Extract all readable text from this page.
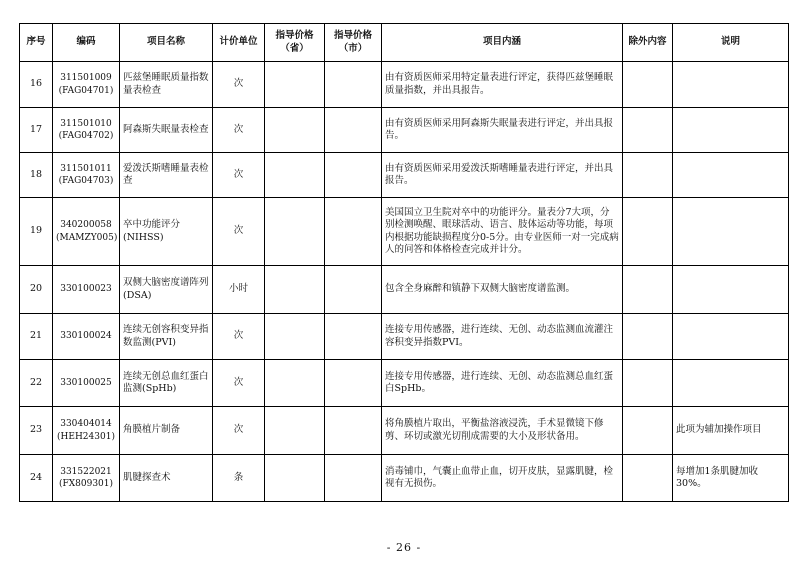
序号	编码	项目名称	计价单位	指导价格（省）	指导价格（市）	项目内涵	除外内容	说明
16	311501009 (FAG04701)	匹兹堡睡眠质量指数量表检查	次			由有资质医师采用特定量表进行评定，获得匹兹堡睡眠质量指数，并出具报告。		
17	311501010 (FAG04702)	阿森斯失眠量表检查	次			由有资质医师采用阿森斯失眠量表进行评定，并出具报告。		
18	311501011 (FAG04703)	爱泼沃斯嗜睡量表检查	次			由有资质医师采用爱泼沃斯嗜睡量表进行评定，并出具报告。		
19	340200058 (MAMZY005)	卒中功能评分(NIHSS)	次			美国国立卫生院对卒中的功能评分。量表分7大项，分别检测唤醒、眼球活动、语言、肢体运动等功能，每项内根据功能缺损程度分0-5分。由专业医师一对一完成病人的问答和体格检查完成并计分。		
20	330100023	双侧大脑密度谱阵列(DSA)	小时			包含全身麻醉和镇静下双侧大脑密度谱监测。		
21	330100024	连续无创容积变异指数监测(PVI)	次			连接专用传感器，进行连续、无创、动态监测血流灌注容积变异指数PVI。		
22	330100025	连续无创总血红蛋白监测(SpHb)	次			连接专用传感器，进行连续、无创、动态监测总血红蛋白SpHb。		
23	330404014 (HEH24301)	角膜植片制备	次			将角膜植片取出，平衡盐溶液浸洗，手术显微镜下修剪、环切或激光切削成需要的大小及形状备用。		此项为辅加操作项目
24	331522021 (FX809301)	肌腱探查术	条			消毒铺巾，气囊止血带止血，切开皮肤，显露肌腱，检视有无损伤。		每增加1条肌腱加收30%。
- 26 -
